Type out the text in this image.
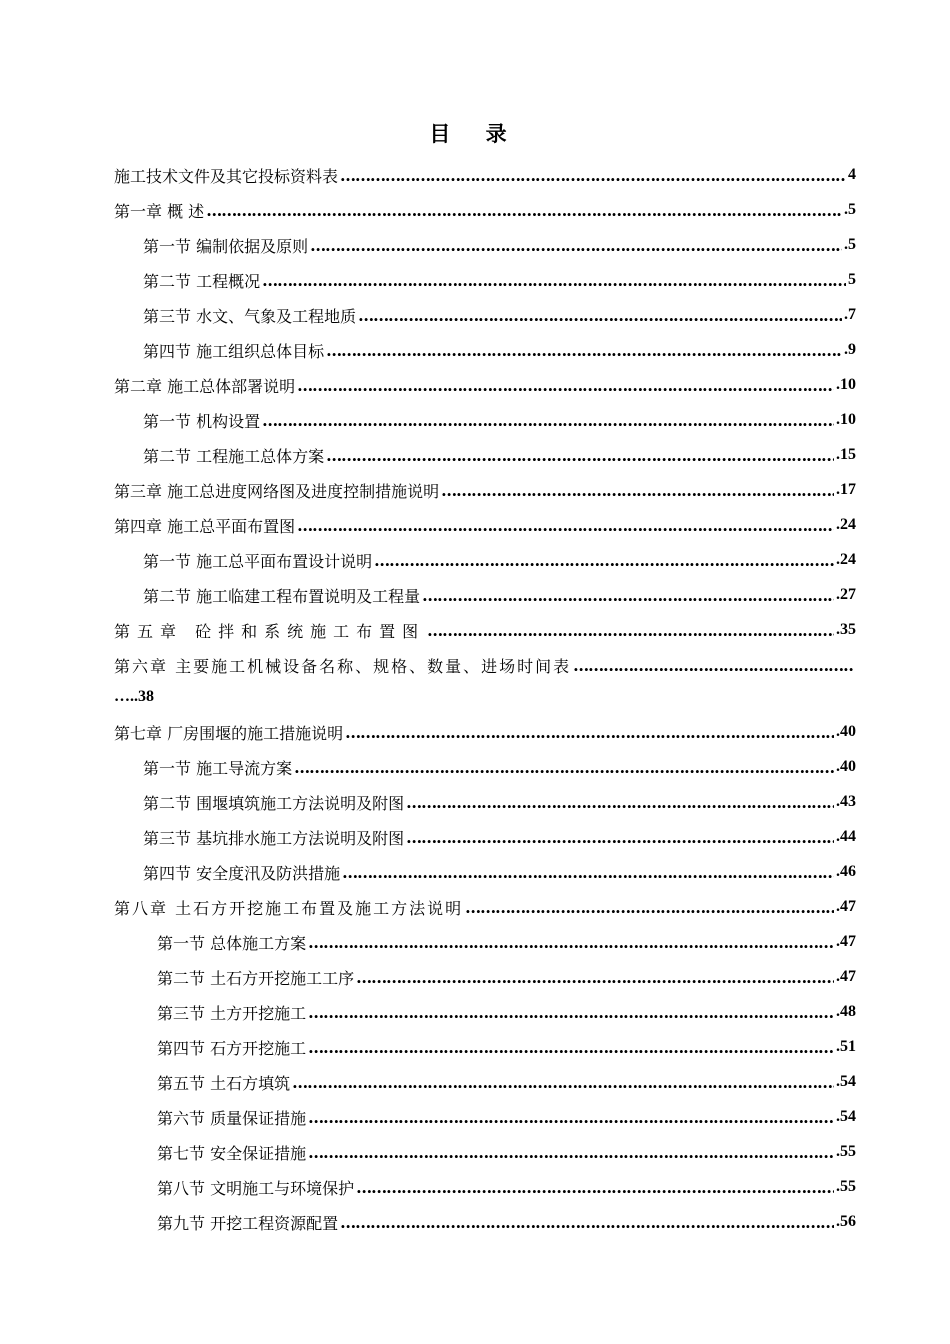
目 录
施工技术文件及其它投标资料表 ………………………………………………………………………………………………………………………………………………………………………………………………………	4
第一章 概 述 ………………………………………………………………………………………………………………………………………………………………………………………………………	.5
第一节 编制依据及原则 ………………………………………………………………………………………………………………………………………………………………………………………………………	.5
第二节 工程概况 ………………………………………………………………………………………………………………………………………………………………………………………………………	5
第三节 水文、气象及工程地质 ………………………………………………………………………………………………………………………………………………………………………………………………………	.7
第四节 施工组织总体目标 ………………………………………………………………………………………………………………………………………………………………………………………………………	.9
第二章 施工总体部署说明 ………………………………………………………………………………………………………………………………………………………………………………………………………	.10
第一节 机构设置 ………………………………………………………………………………………………………………………………………………………………………………………………………	.10
第二节 工程施工总体方案 ………………………………………………………………………………………………………………………………………………………………………………………………………	.15
第三章 施工总进度网络图及进度控制措施说明 ………………………………………………………………………………………………………………………………………………………………………………………………………	.17
第四章 施工总平面布置图 ………………………………………………………………………………………………………………………………………………………………………………………………………	.24
第一节 施工总平面布置设计说明 ………………………………………………………………………………………………………………………………………………………………………………………………………	.24
第二节 施工临建工程布置说明及工程量 ………………………………………………………………………………………………………………………………………………………………………………………………………	.27
第五章 砼拌和系统施工布置图 ………………………………………………………………………………………………………………………………………………………………………………………………………	.35
第六章 主要施工机械设备名称、规格、数量、进场时间表
………………………………………………………………………………………………………………………………………………………………………………………………………
…..38
第七章 厂房围堰的施工措施说明 ………………………………………………………………………………………………………………………………………………………………………………………………………	.40
第一节 施工导流方案 ………………………………………………………………………………………………………………………………………………………………………………………………………	.40
第二节 围堰填筑施工方法说明及附图 ………………………………………………………………………………………………………………………………………………………………………………………………………	.43
第三节 基坑排水施工方法说明及附图 ………………………………………………………………………………………………………………………………………………………………………………………………………	.44
第四节 安全度汛及防洪措施 ………………………………………………………………………………………………………………………………………………………………………………………………………	.46
第八章 土石方开挖施工布置及施工方法说明 ………………………………………………………………………………………………………………………………………………………………………………………………………	.47
第一节 总体施工方案 ………………………………………………………………………………………………………………………………………………………………………………………………………	.47
第二节 土石方开挖施工工序 ………………………………………………………………………………………………………………………………………………………………………………………………………	.47
第三节 土方开挖施工 ………………………………………………………………………………………………………………………………………………………………………………………………………	.48
第四节 石方开挖施工 ………………………………………………………………………………………………………………………………………………………………………………………………………	.51
第五节 土石方填筑 ………………………………………………………………………………………………………………………………………………………………………………………………………	.54
第六节 质量保证措施 ………………………………………………………………………………………………………………………………………………………………………………………………………	.54
第七节 安全保证措施 ………………………………………………………………………………………………………………………………………………………………………………………………………	.55
第八节 文明施工与环境保护 ………………………………………………………………………………………………………………………………………………………………………………………………………	.55
第九节 开挖工程资源配置 ………………………………………………………………………………………………………………………………………………………………………………………………………	.56
